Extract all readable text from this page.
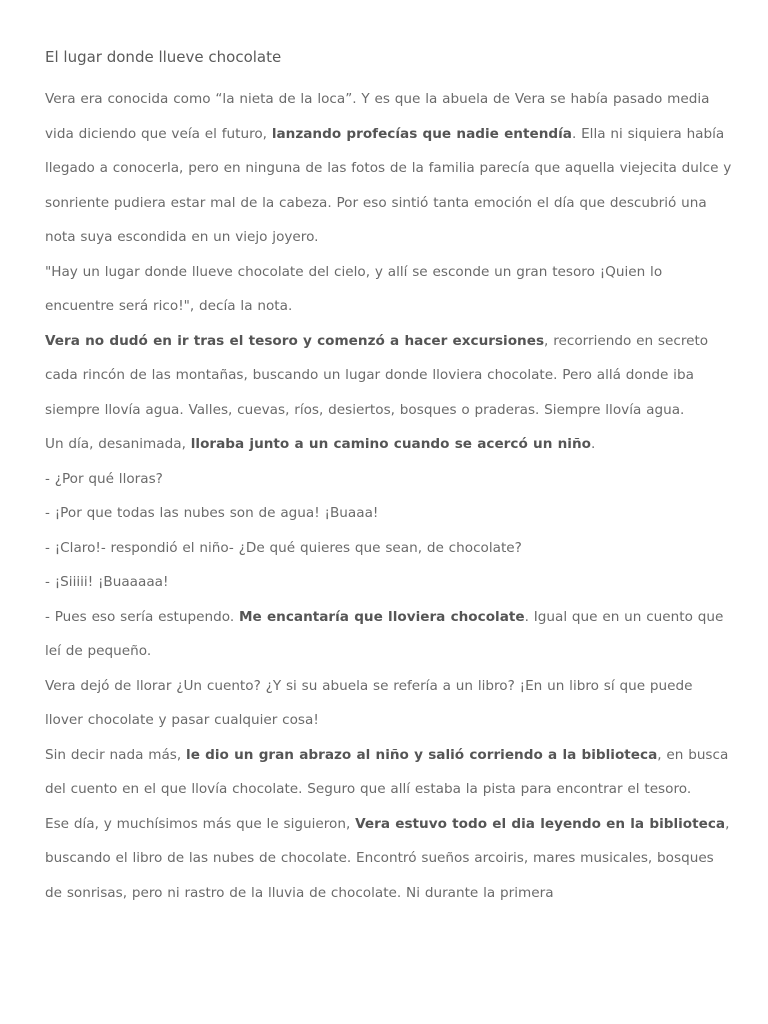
El lugar donde llueve chocolate

Vera era conocida como “la nieta de la loca”. Y es que la abuela de Vera se había pasado media vida diciendo que veía el futuro, lanzando profecías que nadie entendía. Ella ni siquiera había llegado a conocerla, pero en ninguna de las fotos de la familia parecía que aquella viejecita dulce y sonriente pudiera estar mal de la cabeza. Por eso sintió tanta emoción el día que descubrió una nota suya escondida en un viejo joyero.

"Hay un lugar donde llueve chocolate del cielo, y allí se esconde un gran tesoro ¡Quien lo encuentre será rico!", decía la nota.

Vera no dudó en ir tras el tesoro y comenzó a hacer excursiones, recorriendo en secreto cada rincón de las montañas, buscando un lugar donde lloviera chocolate. Pero allá donde iba siempre llovía agua. Valles, cuevas, ríos, desiertos, bosques o praderas. Siempre llovía agua.

Un día, desanimada, lloraba junto a un camino cuando se acercó un niño.

- ¿Por qué lloras?

- ¡Por que todas las nubes son de agua! ¡Buaaa!

- ¡Claro!- respondió el niño- ¿De qué quieres que sean, de chocolate?

- ¡Siiiii! ¡Buaaaaa!

- Pues eso sería estupendo. Me encantaría que lloviera chocolate. Igual que en un cuento que leí de pequeño.

Vera dejó de llorar ¿Un cuento? ¿Y si su abuela se refería a un libro? ¡En un libro sí que puede llover chocolate y pasar cualquier cosa!

Sin decir nada más, le dio un gran abrazo al niño y salió corriendo a la biblioteca, en busca del cuento en el que llovía chocolate. Seguro que allí estaba la pista para encontrar el tesoro.

Ese día, y muchísimos más que le siguieron, Vera estuvo todo el dia leyendo en la biblioteca, buscando el libro de las nubes de chocolate. Encontró sueños arcoiris, mares musicales, bosques de sonrisas, pero ni rastro de la lluvia de chocolate. Ni durante la primera
